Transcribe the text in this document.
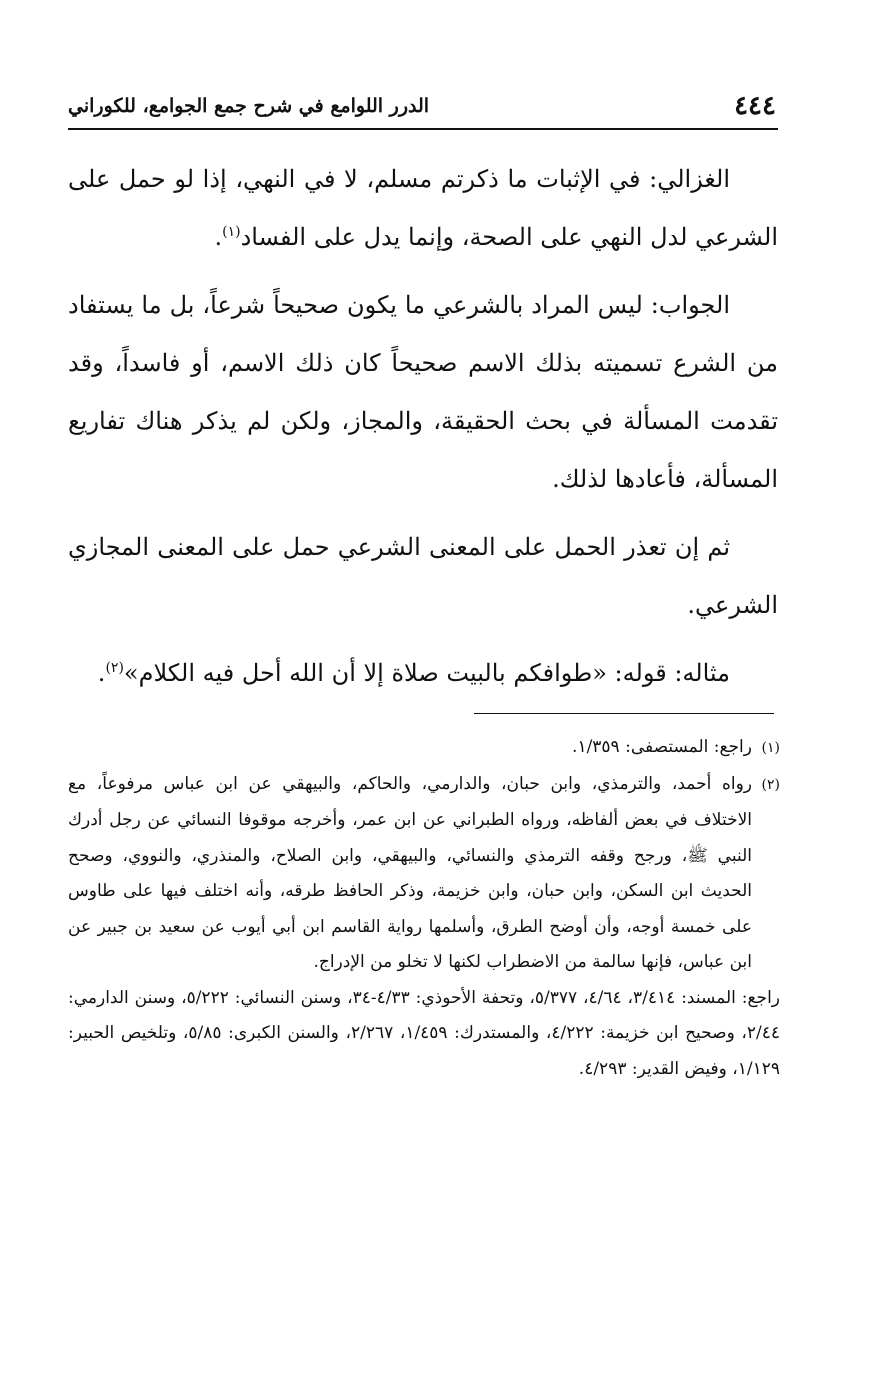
٤٤٤
الدرر اللوامع في شرح جمع الجوامع، للكوراني

الغزالي: في الإثبات ما ذكرتم مسلم، لا في النهي، إذا لو حمل على الشرعي لدل النهي على الصحة، وإنما يدل على الفساد$^{(١)}$.

الجواب: ليس المراد بالشرعي ما يكون صحيحاً شرعاً، بل ما يستفاد من الشرع تسميته بذلك الاسم صحيحاً كان ذلك الاسم، أو فاسداً، وقد تقدمت المسألة في بحث الحقيقة، والمجاز، ولكن لم يذكر هناك تفاريع المسألة، فأعادها لذلك.

ثم إن تعذر الحمل على المعنى الشرعي حمل على المعنى المجازي الشرعي.

مثاله: قوله: «طوافكم بالبيت صلاة إلا أن الله أحل فيه الكلام»$^{(٢)}$.

(١)راجع: المستصفى: ١/٣٥٩.

(٢)رواه أحمد، والترمذي، وابن حبان، والدارمي، والحاكم، والبيهقي عن ابن عباس مرفوعاً، مع الاختلاف في بعض ألفاظه، ورواه الطبراني عن ابن عمر، وأخرجه موقوفا النسائي عن رجل أدرك النبي ﷺ، ورجح وقفه الترمذي والنسائي، والبيهقي، وابن الصلاح، والمنذري، والنووي، وصحح الحديث ابن السكن، وابن حبان، وابن خزيمة، وذكر الحافظ طرقه، وأنه اختلف فيها على طاوس على خمسة أوجه، وأن أوضح الطرق، وأسلمها رواية القاسم ابن أبي أيوب عن سعيد بن جبير عن ابن عباس، فإنها سالمة من الاضطراب لكنها لا تخلو من الإدراج.

راجع: المسند: ٣/٤١٤، ٤/٦٤، ٥/٣٧٧، وتحفة الأحوذي: ٤/٣٣-٣٤، وسنن النسائي: ٥/٢٢٢، وسنن الدارمي: ٢/٤٤، وصحيح ابن خزيمة: ٤/٢٢٢، والمستدرك: ١/٤٥٩، ٢/٢٦٧، والسنن الكبرى: ٥/٨٥، وتلخيص الحبير: ١/١٢٩، وفيض القدير: ٤/٢٩٣.
